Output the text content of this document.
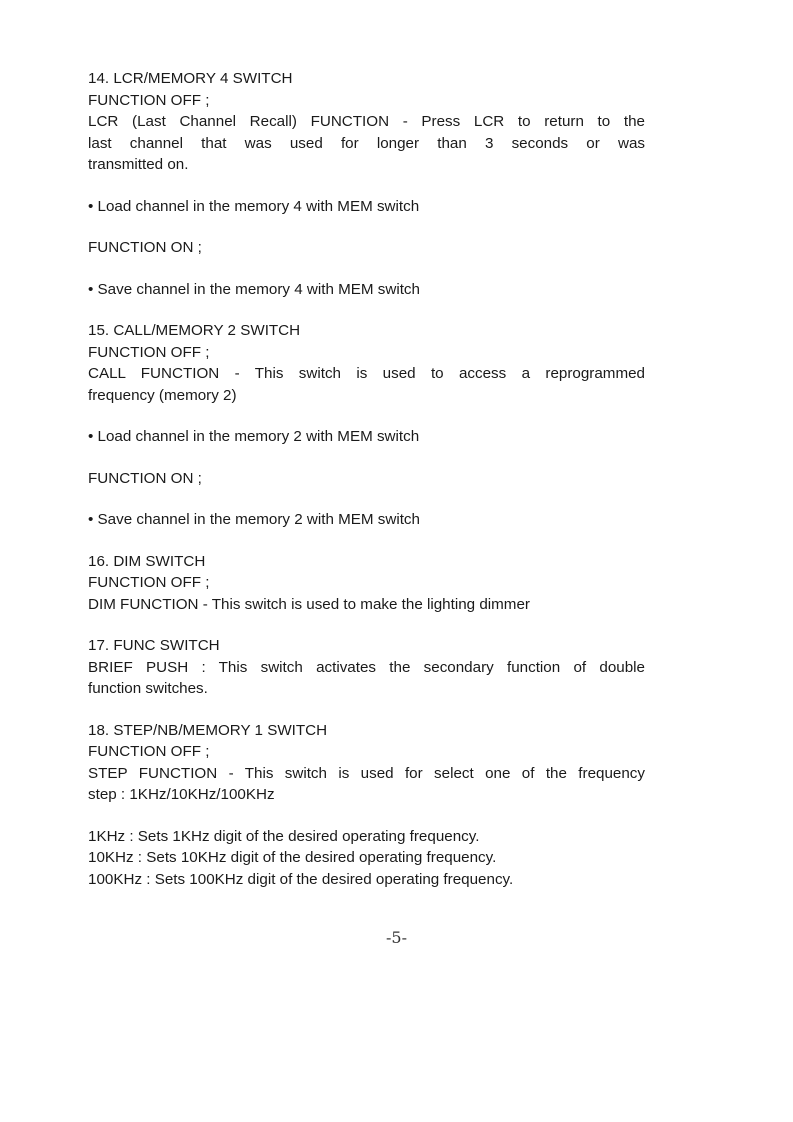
14. LCR/MEMORY 4 SWITCH
FUNCTION OFF ;
LCR (Last Channel Recall) FUNCTION - Press LCR to return to the
last channel that was used for longer than 3 seconds or was
transmitted on.
• Load channel in the memory 4 with MEM switch
FUNCTION ON ;
• Save channel in the memory 4 with MEM switch
15. CALL/MEMORY 2 SWITCH
FUNCTION OFF ;
CALL FUNCTION - This switch is used to access a reprogrammed
frequency (memory 2)
• Load channel in the memory 2 with MEM switch
FUNCTION ON ;
• Save channel in the memory 2 with MEM switch
16. DIM SWITCH
FUNCTION OFF ;
DIM FUNCTION - This switch is used to make the lighting dimmer
17. FUNC SWITCH
BRIEF PUSH : This switch activates the secondary function of double
function switches.
18. STEP/NB/MEMORY 1 SWITCH
FUNCTION OFF ;
STEP FUNCTION - This switch is used for select one of the frequency
step : 1KHz/10KHz/100KHz
1KHz : Sets 1KHz digit of the desired operating frequency.
10KHz : Sets 10KHz digit of the desired operating frequency.
100KHz : Sets 100KHz digit of the desired operating frequency.
-5-
